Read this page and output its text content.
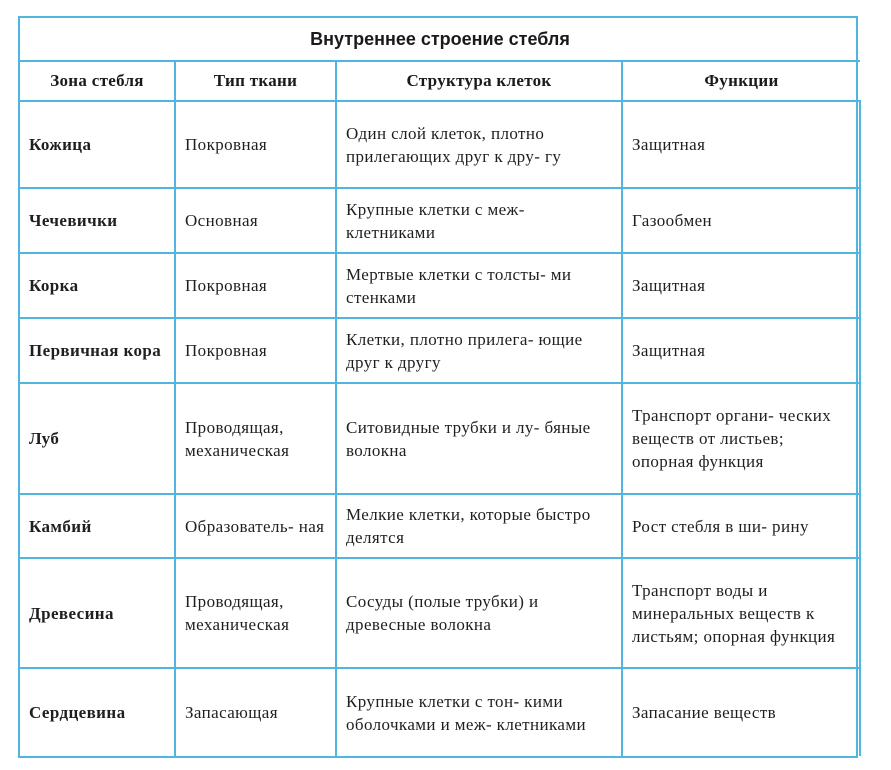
Внутреннее строение стебля			
Зона стебля	Тип ткани	Структура клеток	Функции
Кожица	Покровная	Один слой клеток, плотно прилегающих друг к дру- гу	Защитная
Чечевички	Основная	Крупные клетки с меж- клетниками	Газообмен
Корка	Покровная	Мертвые клетки с толсты- ми стенками	Защитная
Первичная кора	Покровная	Клетки, плотно прилега- ющие друг к другу	Защитная
Луб	Проводящая, механическая	Ситовидные трубки и лу- бяные волокна	Транспорт органи- ческих веществ от листьев; опорная функция
Камбий	Образователь- ная	Мелкие клетки, которые быстро делятся	Рост стебля в ши- рину
Древесина	Проводящая, механическая	Сосуды (полые трубки) и древесные волокна	Транспорт воды и минеральных веществ к листьям; опорная функция
Сердцевина	Запасающая	Крупные клетки с тон- кими оболочками и меж- клетниками	Запасание веществ
